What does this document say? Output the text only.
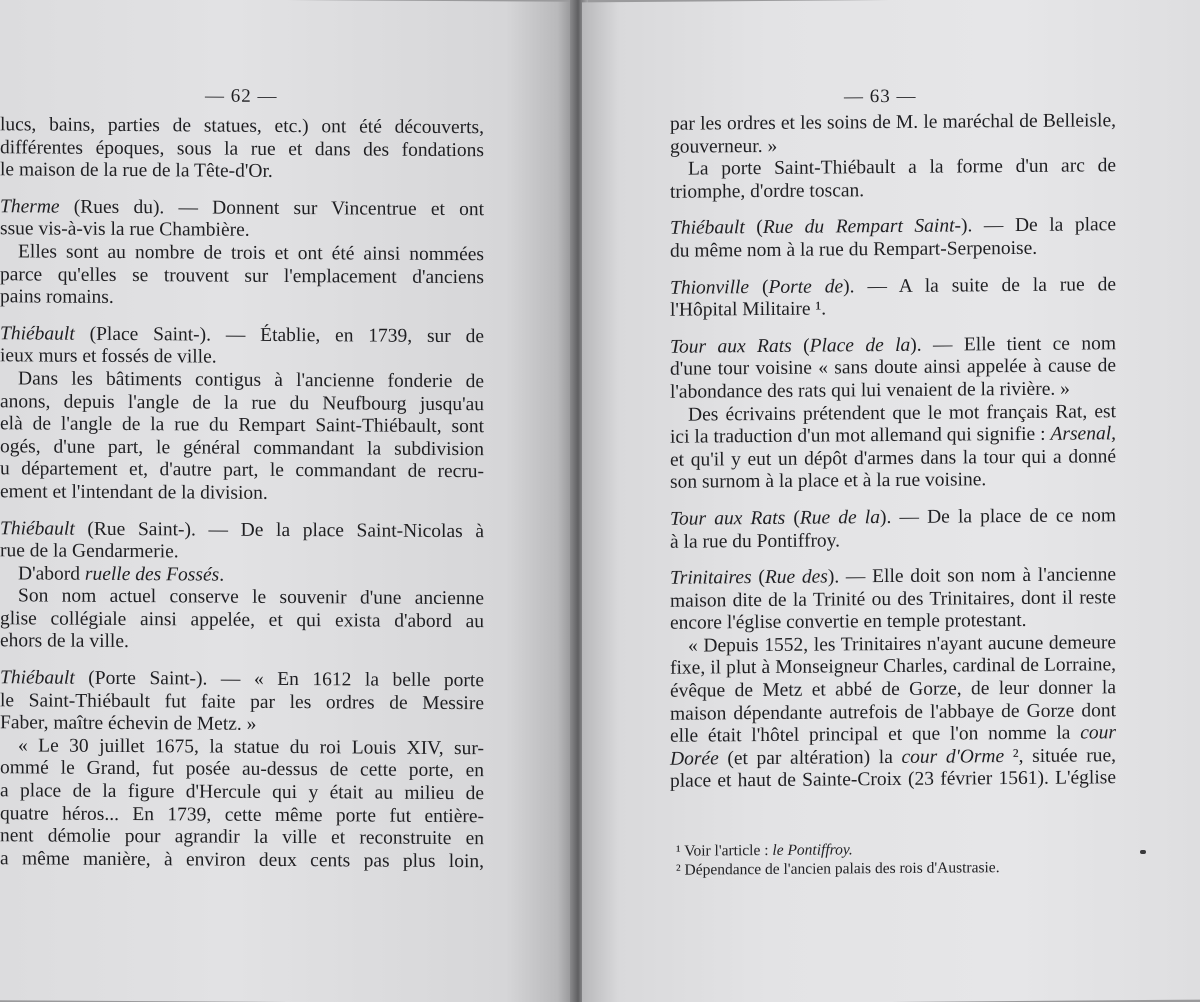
— 62 —
lucs, bains, parties de statues, etc.) ont été découverts,
différentes époques, sous la rue et dans des fondations
le maison de la rue de la Tête-d'Or.
Therme (Rues du). — Donnent sur Vincentrue et ont
ssue vis-à-vis la rue Chambière.
Elles sont au nombre de trois et ont été ainsi nommées
parce qu'elles se trouvent sur l'emplacement d'anciens
pains romains.
Thiébault (Place Saint-). — Établie, en 1739, sur de
ieux murs et fossés de ville.
Dans les bâtiments contigus à l'ancienne fonderie de
anons, depuis l'angle de la rue du Neufbourg jusqu'au
elà de l'angle de la rue du Rempart Saint-Thiébault, sont
ogés, d'une part, le général commandant la subdivision
u département et, d'autre part, le commandant de recru-
ement et l'intendant de la division.
Thiébault (Rue Saint-). — De la place Saint-Nicolas à
rue de la Gendarmerie.
D'abord ruelle des Fossés.
Son nom actuel conserve le souvenir d'une ancienne
glise collégiale ainsi appelée, et qui exista d'abord au
ehors de la ville.
Thiébault (Porte Saint-). — « En 1612 la belle porte
le Saint-Thiébault fut faite par les ordres de Messire
Faber, maître échevin de Metz. »
« Le 30 juillet 1675, la statue du roi Louis XIV, sur-
ommé le Grand, fut posée au-dessus de cette porte, en
a place de la figure d'Hercule qui y était au milieu de
quatre héros... En 1739, cette même porte fut entière-
nent démolie pour agrandir la ville et reconstruite en
a même manière, à environ deux cents pas plus loin,
— 63 —
par les ordres et les soins de M. le maréchal de Belleisle,
gouverneur. »
La porte Saint-Thiébault a la forme d'un arc de
triomphe, d'ordre toscan.
Thiébault (Rue du Rempart Saint-). — De la place
du même nom à la rue du Rempart-Serpenoise.
Thionville (Porte de). — A la suite de la rue de
l'Hôpital Militaire ¹.
Tour aux Rats (Place de la). — Elle tient ce nom
d'une tour voisine « sans doute ainsi appelée à cause de
l'abondance des rats qui lui venaient de la rivière. »
Des écrivains prétendent que le mot français Rat, est
ici la traduction d'un mot allemand qui signifie : Arsenal,
et qu'il y eut un dépôt d'armes dans la tour qui a donné
son surnom à la place et à la rue voisine.
Tour aux Rats (Rue de la). — De la place de ce nom
à la rue du Pontiffroy.
Trinitaires (Rue des). — Elle doit son nom à l'ancienne
maison dite de la Trinité ou des Trinitaires, dont il reste
encore l'église convertie en temple protestant.
« Depuis 1552, les Trinitaires n'ayant aucune demeure
fixe, il plut à Monseigneur Charles, cardinal de Lorraine,
évêque de Metz et abbé de Gorze, de leur donner la
maison dépendante autrefois de l'abbaye de Gorze dont
elle était l'hôtel principal et que l'on nomme la cour
Dorée (et par altération) la cour d'Orme ², située rue,
place et haut de Sainte-Croix (23 février 1561). L'église
¹ Voir l'article : le Pontiffroy.
² Dépendance de l'ancien palais des rois d'Austrasie.
